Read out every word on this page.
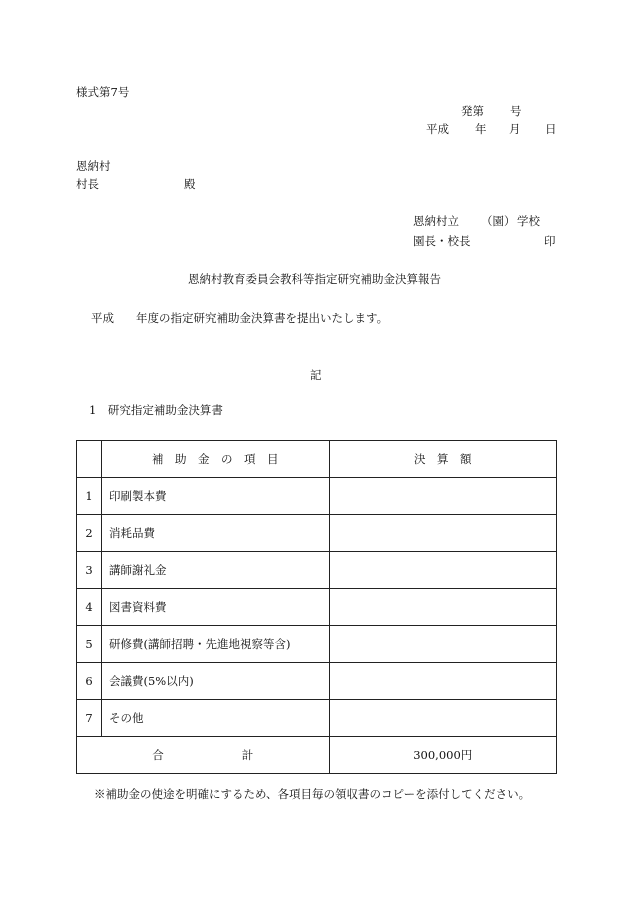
様式第7号
発第 号
平成 年 月 日
恩納村
村長	殿
恩納村立 （園） 学校
園長・校長	印
恩納村教育委員会教科等指定研究補助金決算報告
平成 年度の指定研究補助金決算書を提出いたします。
記
1　研究指定補助金決算書
	補　助　金　の　項　目	決　算　額
1	印刷製本費	
2	消耗品費	
3	講師謝礼金	
4	図書資料費	
5	研修費(講師招聘・先進地視察等含)	
6	会議費(5%以内)	
7	その他	
合 計		300,000円
※補助金の使途を明確にするため、各項目毎の領収書のコピーを添付してください。
